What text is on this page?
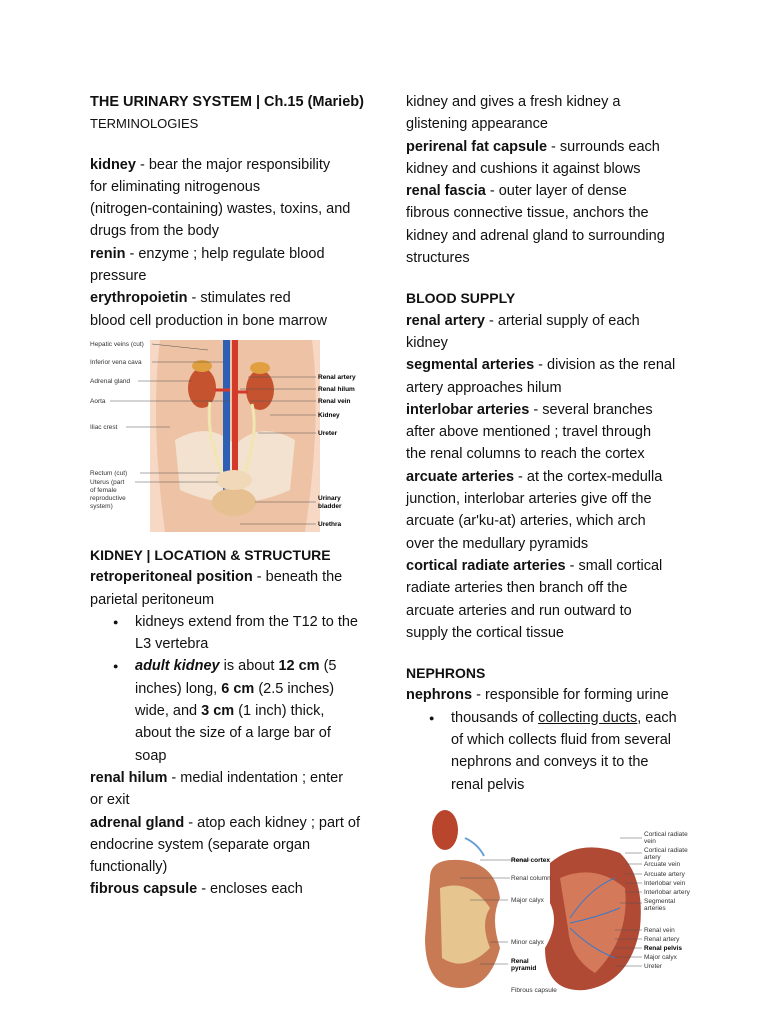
THE URINARY SYSTEM | Ch.15 (Marieb)
TERMINOLOGIES
kidney - bear the major responsibility
for eliminating nitrogenous
(nitrogen-containing) wastes, toxins, and
drugs from the body
renin - enzyme ; help regulate blood
pressure
erythropoietin - stimulates red
blood cell production in bone marrow
Hepatic veins (cut)
Inferior vena cava
Adrenal gland
Aorta
Iliac crest
Rectum (cut)
Uterus (part
of female
reproductive
system)
Renal artery
Renal hilum
Renal vein
Kidney
Ureter
Urinary
bladder
Urethra
KIDNEY | LOCATION & STRUCTURE
retroperitoneal position - beneath the
parietal peritoneum
● kidneys extend from the T12 to the
L3 vertebra
● adult kidney is about 12 cm (5
inches) long, 6 cm (2.5 inches)
wide, and 3 cm (1 inch) thick,
about the size of a large bar of
soap
renal hilum - medial indentation ; enter
or exit
adrenal gland - atop each kidney ; part of
endocrine system (separate organ
functionally)
fibrous capsule - encloses each
kidney and gives a fresh kidney a
glistening appearance
perirenal fat capsule - surrounds each
kidney and cushions it against blows
renal fascia - outer layer of dense
fibrous connective tissue, anchors the
kidney and adrenal gland to surrounding
structures
BLOOD SUPPLY
renal artery - arterial supply of each
kidney
segmental arteries - division as the renal
artery approaches hilum
interlobar arteries - several branches
after above mentioned ; travel through
the renal columns to reach the cortex
arcuate arteries - at the cortex-medulla
junction, interlobar arteries give off the
arcuate (ar'ku-at) arteries, which arch
over the medullary pyramids
cortical radiate arteries - small cortical
radiate arteries then branch off the
arcuate arteries and run outward to
supply the cortical tissue
NEPHRONS
nephrons - responsible for forming urine
● thousands of collecting ducts, each
of which collects fluid from several
nephrons and conveys it to the
renal pelvis
Renal cortex
Renal column
Major calyx
Minor calyx
Renal
pyramid
Fibrous capsule
Cortical radiate
vein
Cortical radiate
artery
Arcuate vein
Arcuate artery
Interlobar vein
Interlobar artery
Segmental
arteries
Renal vein
Renal artery
Renal pelvis
Major calyx
Ureter
